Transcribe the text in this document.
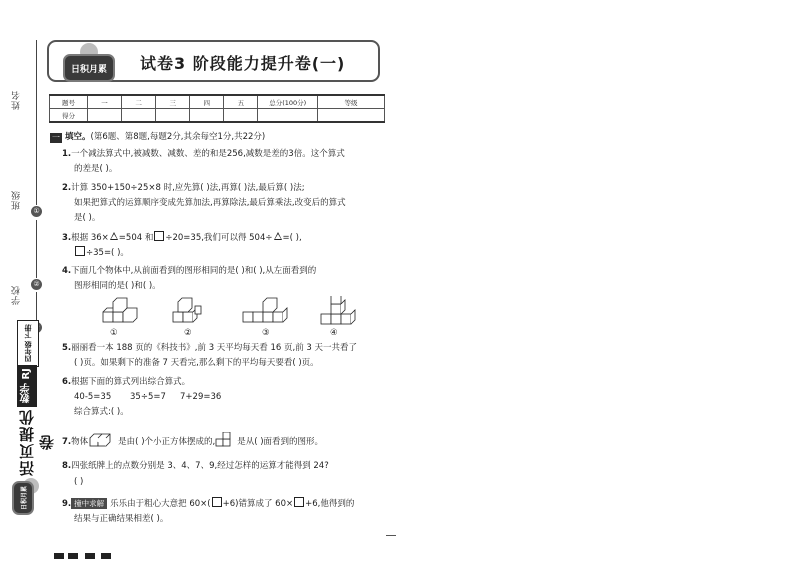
姓名
①
班级
②
学校
四年级 下册
数学 RJ
活页提优卷
日积月累
日积月累	试卷3 阶段能力提升卷(一)
题号	一	二	三	四	五	总分(100分)	等级
得分							
一 填空。(第6题、第8题,每题2分,其余每空1分,共22分)
1.一个减法算式中,被减数、减数、差的和是256,减数是差的3倍。这个算式
的差是( )。
2.计算 350+150÷25×8 时,应先算( )法,再算( )法,最后算( )法;
如果把算式的运算顺序变成先算加法,再算除法,最后算乘法,改变后的算式
是( )。
3.根据 36× =504 和 ÷20=35,我们可以得 504÷ =( ),
÷35=( )。
4.下面几个物体中,从前面看到的图形相同的是( )和( ),从左面看到的
图形相同的是( )和( )。
①	②	③	④
5.丽丽看一本 188 页的《科技书》,前 3 天平均每天看 16 页,前 3 天一共看了
( )页。如果剩下的准备 7 天看完,那么剩下的平均每天要看( )页。
6.根据下面的算式列出综合算式。
40-5=35 35÷5=7 7+29=36
综合算式:( )。
7.物体	是由( )个小正方体摆成的,	是从( )面看到的图形。
8.四张纸牌上的点数分别是 3、4、7、9,经过怎样的运算才能得到 24?
( )
9. 撞中求解 乐乐由于粗心大意把 60×( +6)错算成了 60× +6,他得到的
结果与正确结果相差( )。
